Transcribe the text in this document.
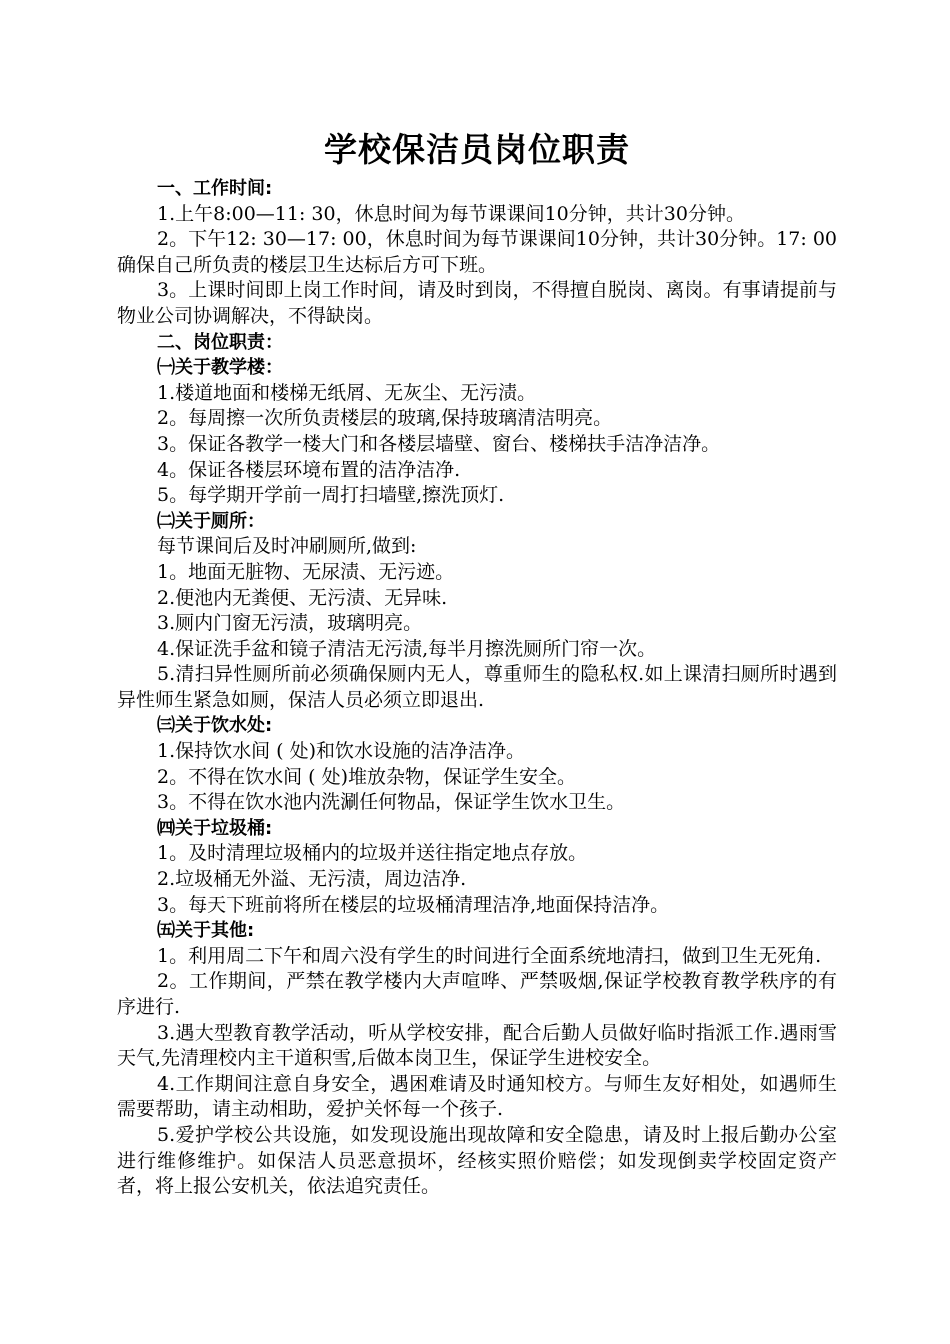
学校保洁员岗位职责

一、工作时间:

1.上午8:00—11: 30，休息时间为每节课课间10分钟，共计30分钟。

2。下午12: 30—17: 00，休息时间为每节课课间10分钟，共计30分钟。17: 00确保自己所负责的楼层卫生达标后方可下班。

3。上课时间即上岗工作时间，请及时到岗，不得擅自脱岗、离岗。有事请提前与物业公司协调解决，不得缺岗。

二、岗位职责：

㈠关于教学楼：

1.楼道地面和楼梯无纸屑、无灰尘、无污渍。

2。每周擦一次所负责楼层的玻璃,保持玻璃清洁明亮。

3。保证各教学一楼大门和各楼层墙壁、窗台、楼梯扶手洁净洁净。

4。保证各楼层环境布置的洁净洁净.

5。每学期开学前一周打扫墙壁,擦洗顶灯.

㈡关于厕所：

每节课间后及时冲刷厕所,做到:

1。地面无脏物、无尿渍、无污迹。

2.便池内无粪便、无污渍、无异味.

3.厕内门窗无污渍，玻璃明亮。

4.保证洗手盆和镜子清洁无污渍,每半月擦洗厕所门帘一次。

5.清扫异性厕所前必须确保厕内无人，尊重师生的隐私权.如上课清扫厕所时遇到异性师生紧急如厕，保洁人员必须立即退出.

㈢关于饮水处:

1.保持饮水间 ( 处)和饮水设施的洁净洁净。

2。不得在饮水间 ( 处)堆放杂物，保证学生安全。

3。不得在饮水池内洗涮任何物品，保证学生饮水卫生。

㈣关于垃圾桶:

1。及时清理垃圾桶内的垃圾并送往指定地点存放。

2.垃圾桶无外溢、无污渍，周边洁净.

3。每天下班前将所在楼层的垃圾桶清理洁净,地面保持洁净。

㈤关于其他:

1。利用周二下午和周六没有学生的时间进行全面系统地清扫，做到卫生无死角.

2。工作期间，严禁在教学楼内大声喧哗、严禁吸烟,保证学校教育教学秩序的有序进行.

3.遇大型教育教学活动，听从学校安排，配合后勤人员做好临时指派工作.遇雨雪天气,先清理校内主干道积雪,后做本岗卫生，保证学生进校安全。

4.工作期间注意自身安全，遇困难请及时通知校方。与师生友好相处，如遇师生需要帮助，请主动相助，爱护关怀每一个孩子.

5.爱护学校公共设施，如发现设施出现故障和安全隐患，请及时上报后勤办公室进行维修维护。如保洁人员恶意损坏，经核实照价赔偿；如发现倒卖学校固定资产者，将上报公安机关，依法追究责任。
